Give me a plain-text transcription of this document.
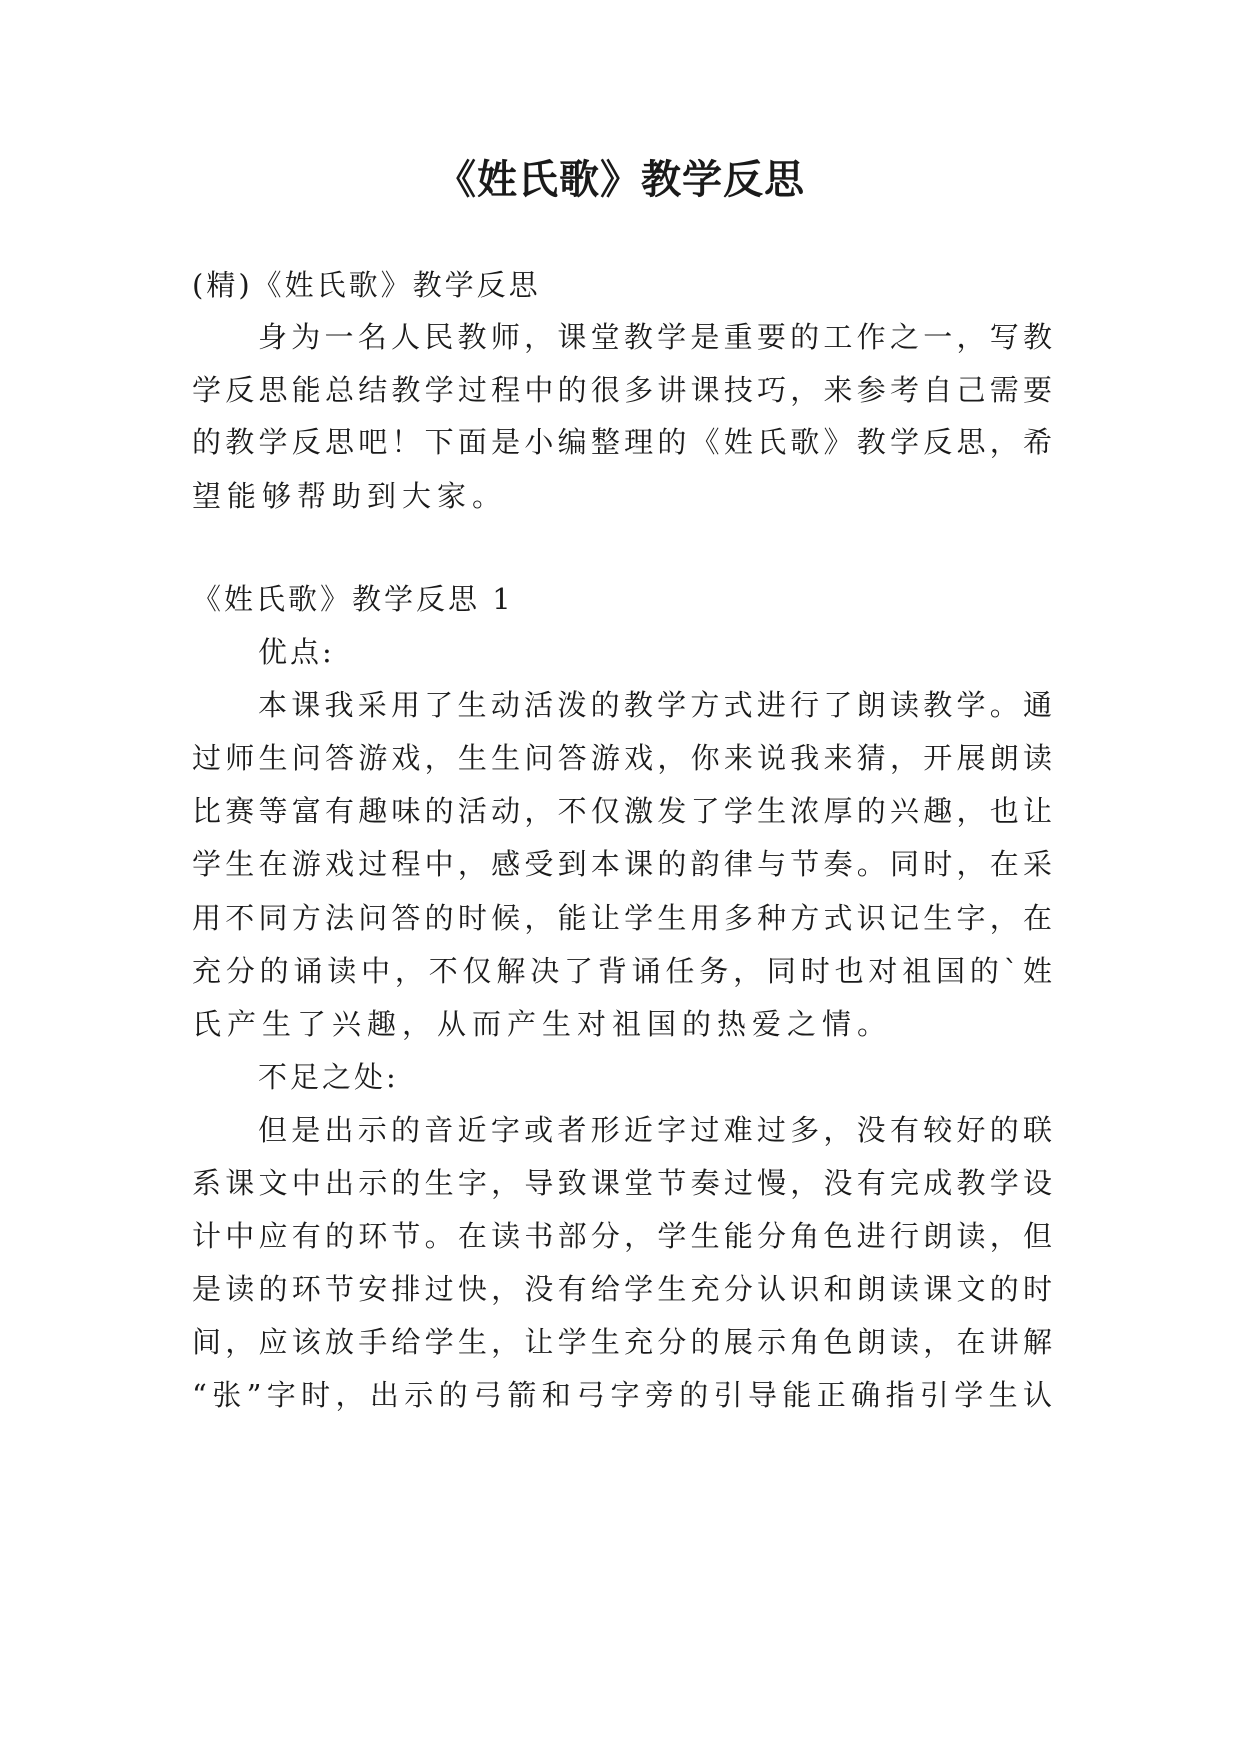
《姓氏歌》教学反思

(精)《姓氏歌》教学反思

身为一名人民教师，课堂教学是重要的工作之一，写教

学反思能总结教学过程中的很多讲课技巧，来参考自己需要

的教学反思吧！下面是小编整理的《姓氏歌》教学反思，希

望能够帮助到大家。

《姓氏歌》教学反思 1

优点:

本课我采用了生动活泼的教学方式进行了朗读教学。通

过师生问答游戏，生生问答游戏，你来说我来猜，开展朗读

比赛等富有趣味的活动，不仅激发了学生浓厚的兴趣，也让

学生在游戏过程中，感受到本课的韵律与节奏。同时，在采

用不同方法问答的时候，能让学生用多种方式识记生字，在

充分的诵读中，不仅解决了背诵任务，同时也对祖国的`姓

氏产生了兴趣，从而产生对祖国的热爱之情。

不足之处:

但是出示的音近字或者形近字过难过多，没有较好的联

系课文中出示的生字，导致课堂节奏过慢，没有完成教学设

计中应有的环节。在读书部分，学生能分角色进行朗读，但

是读的环节安排过快，没有给学生充分认识和朗读课文的时

间，应该放手给学生，让学生充分的展示角色朗读，在讲解

“张”字时，出示的弓箭和弓字旁的引导能正确指引学生认
